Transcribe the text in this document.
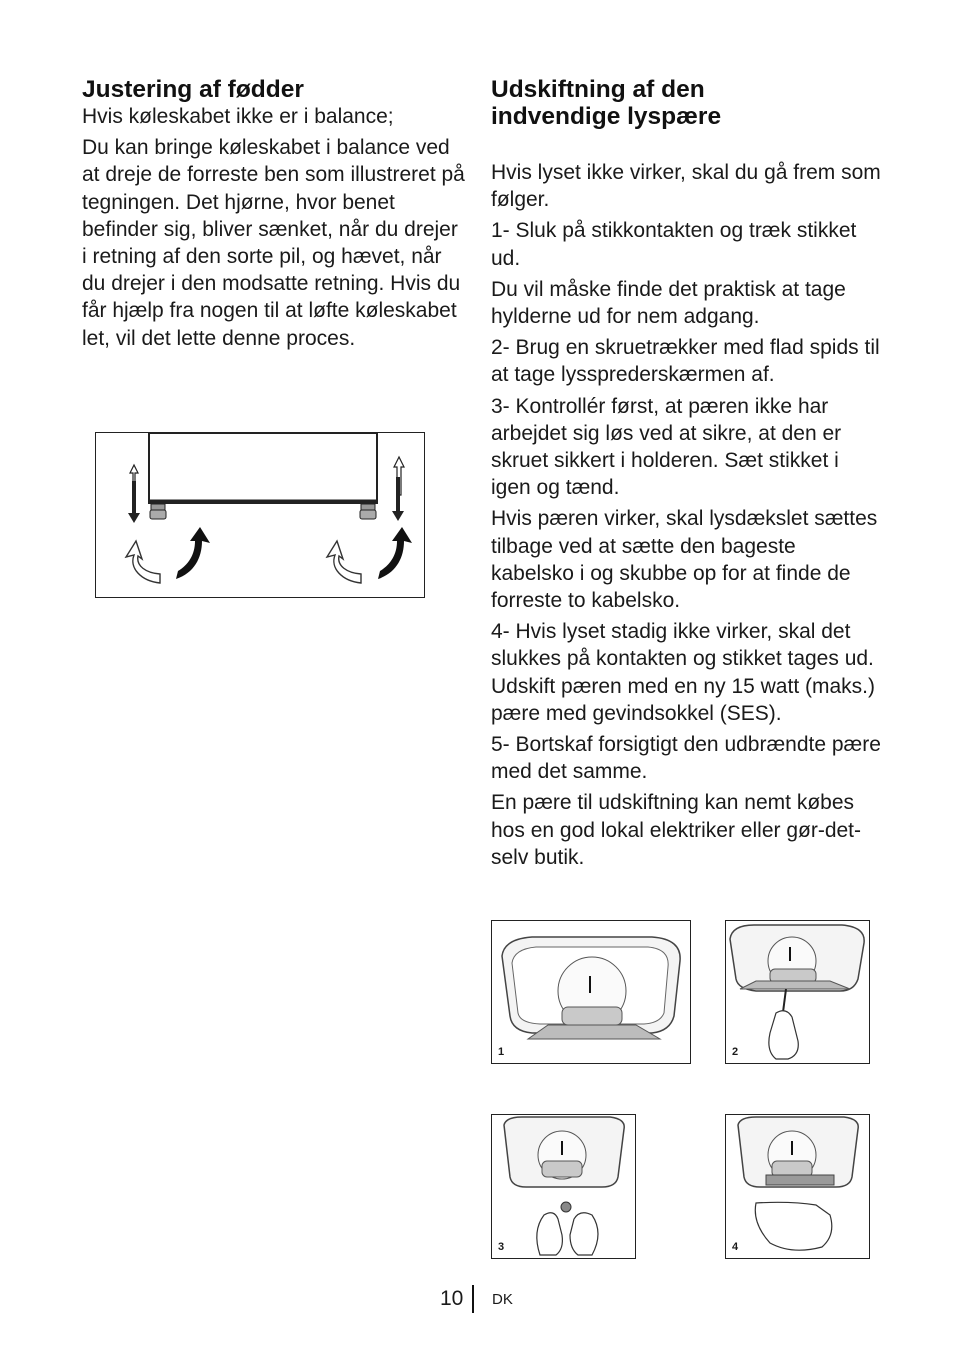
Justering af fødder

Hvis køleskabet ikke er i balance;

Du kan bringe køleskabet i balance ved at dreje de forreste ben som illustreret på tegningen. Det hjørne, hvor benet befinder sig, bliver sænket, når du drejer i retning af den sorte pil, og hævet, når du drejer i den modsatte retning. Hvis du får hjælp fra nogen til at løfte køleskabet let, vil det lette denne proces.

Udskiftning af den
indvendige lyspære

Hvis lyset ikke virker, skal du gå frem som følger.

1- Sluk på stikkontakten og træk stikket ud.

Du vil måske finde det praktisk at tage hylderne ud for nem adgang.

2- Brug en skruetrækker med flad spids til at tage lyssprederskærmen af.

3- Kontrollér først, at pæren ikke har arbejdet sig løs ved at sikre, at den er skruet sikkert i holderen. Sæt stikket i igen og tænd.

Hvis pæren virker, skal lysdækslet sættes tilbage ved at sætte den bageste kabelsko i og skubbe op for at finde de forreste to kabelsko.

4- Hvis lyset stadig ikke virker, skal det slukkes på kontakten og stikket tages ud. Udskift pæren med en ny 15 watt (maks.) pære med gevindsokkel (SES).

5- Bortskaf forsigtigt den udbrændte pære med det samme.

En pære til udskiftning kan nemt købes hos en god lokal elektriker eller gør-det-selv butik.

1	2
3	4
10 DK
